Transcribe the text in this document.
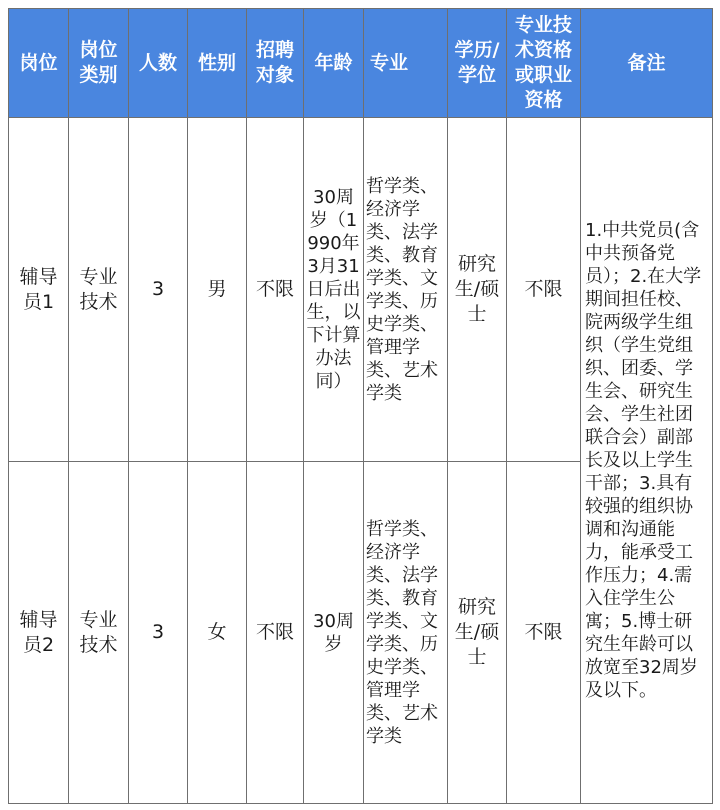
岗位	岗位类别	人数	性别	招聘对象	年龄	专业	学历/学位	专业技术资格或职业资格	备注
辅导员1	专业技术	3	男	不限	30周岁（1990年3月31日后出生，以下计算办法同）	哲学类、经济学类、法学类、教育学类、文学类、历史学类、管理学类、艺术学类	研究生/硕士	不限	1.中共党员(含中共预备党员）；2.在大学期间担任校、院两级学生组织（学生党组织、团委、学生会、研究生会、学生社团联合会）副部长及以上学生干部；3.具有较强的组织协调和沟通能力，能承受工作压力；4.需入住学生公寓；5.博士研究生年龄可以放宽至32周岁及以下。
辅导员2	专业技术	3	女	不限	30周岁	哲学类、经济学类、法学类、教育学类、文学类、历史学类、管理学类、艺术学类	研究生/硕士	不限	
